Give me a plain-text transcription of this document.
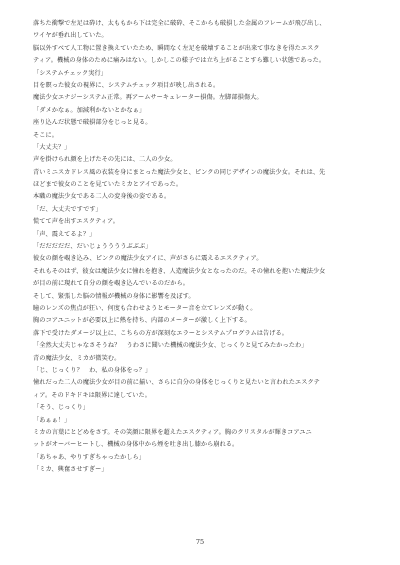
落ちた衝撃で左足は砕け、太ももから下は完全に破砕、そこからも破損した金属のフレームが飛び出し、
ワイヤが垂れ出していた。
脳以外すべて人工物に置き換えていたため、瞬間なく左足を破壊することが出来て事なきを得たエスク
ティア。機械の身体のために痛みはない。しかしこの様子では立ち上がることすら難しい状態であった。
「システムチェック実行」
目を瞑った彼女の視界に、システムチェック項目が映し出される。
魔法少女エナジーシステム正常。再アームサーキュレーター損傷。左脚部損傷大。
「ダメかなぁ。加減利かないとかなぁ」
座り込んだ状態で破損部分をじっと見る。
そこに。
「大丈夫？」
声を掛けられ顔を上げたその先には、二人の少女。
青いミニスカドレス風の衣装を身にまとった魔法少女と、ピンクの同じデザインの魔法少女。それは、先
ほどまで彼女のことを見ていたミカとアイであった。
本職の魔法少女である二人の変身後の姿である。
「だ、大丈夫ですです」
慌てて声を出すエスクティア。
「声、震えてるよ？」
「だだだだだ、だいじょううううぶぶぶ」
彼女の顔を覗き込み、ピンクの魔法少女アイに、声がさらに震えるエスクティア。
それもそのはず、彼女は魔法少女に憧れを抱き、人造魔法少女となったのだ。その憧れを抱いた魔法少女
が目の前に現れて自分の顔を覗き込んでいるのだから。
そして、緊張した脳の情報が機械の身体に影響を及ぼす。
瞳のレンズの焦点が狂い、何度も合わせようとモーター音を立てレンズが動く。
胸のコアユニットが必要以上に熱を持ち、内部のメーターが激しく上下する。
落下で受けたダメージ以上に、こちらの方が深刻なエラーとシステムプログラムは告げる。
「全然大丈夫じゃなさそうね？　うわさに聞いた機械の魔法少女、じっくりと見てみたかったわ」
青の魔法少女、ミカが微笑む。
「じ、じっくり？　わ、私の身体をっ？」
憧れだった二人の魔法少女が目の前に揃い、さらに自分の身体をじっくりと見たいと言われたエスクテ
ィア。そのドキドキは限界に達していた。
「そう、じっくり」
「あぁぁ！」
ミカの言葉にとどめをさす。その笑顔に限界を超えたエスクティア。胸のクリスタルが輝きコアユニ
ットがオーバーヒートし、機械の身体中から煙を吐き出し膝から崩れる。
「あちゃあ、やりすぎちゃったかしら」
「ミカ、興奮させすぎー」
75
